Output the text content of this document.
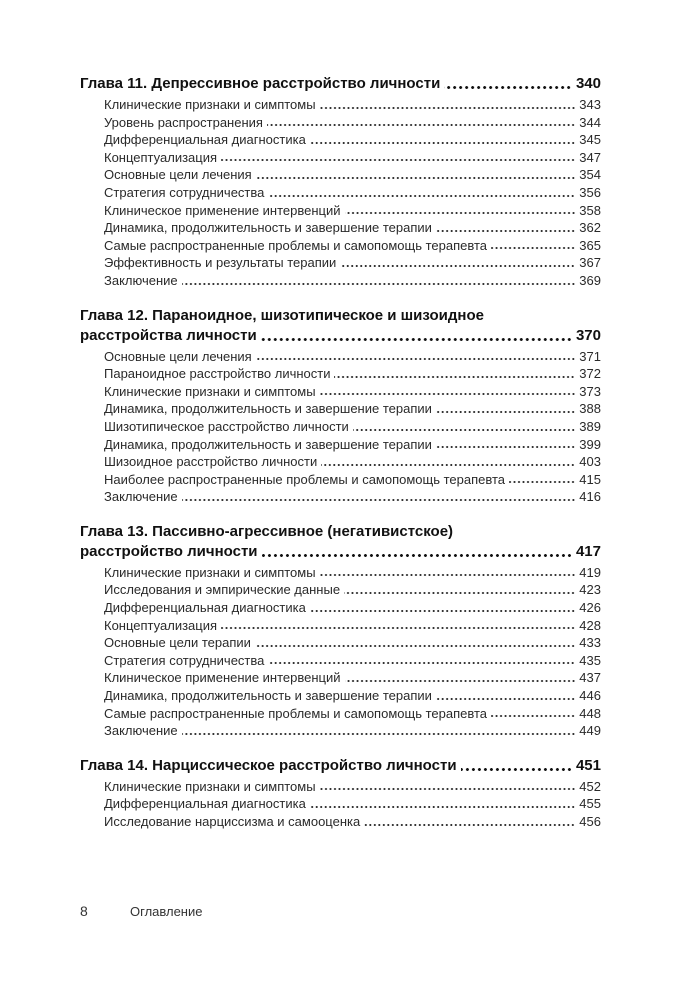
Глава 11. Депрессивное расстройство личности	340
Клинические признаки и симптомы	343
Уровень распространения	344
Дифференциальная диагностика	345
Концептуализация	347
Основные цели лечения	354
Стратегия сотрудничества	356
Клиническое применение интервенций	358
Динамика, продолжительность и завершение терапии	362
Самые распространенные проблемы и самопомощь терапевта	365
Эффективность и результаты терапии	367
Заключение	369
Глава 12. Параноидное, шизотипическое и шизоидное
расстройства личности	370
Основные цели лечения	371
Параноидное расстройство личности	372
Клинические признаки и симптомы	373
Динамика, продолжительность и завершение терапии	388
Шизотипическое расстройство личности	389
Динамика, продолжительность и завершение терапии	399
Шизоидное расстройство личности	403
Наиболее распространенные проблемы и самопомощь терапевта	415
Заключение	416
Глава 13. Пассивно-агрессивное (негативистское)
расстройство личности	417
Клинические признаки и симптомы	419
Исследования и эмпирические данные	423
Дифференциальная диагностика	426
Концептуализация	428
Основные цели терапии	433
Стратегия сотрудничества	435
Клиническое применение интервенций	437
Динамика, продолжительность и завершение терапии	446
Самые распространенные проблемы и самопомощь терапевта	448
Заключение	449
Глава 14. Нарциссическое расстройство личности	451
Клинические признаки и симптомы	452
Дифференциальная диагностика	455
Исследование нарциссизма и самооценка	456
8	Оглавление
